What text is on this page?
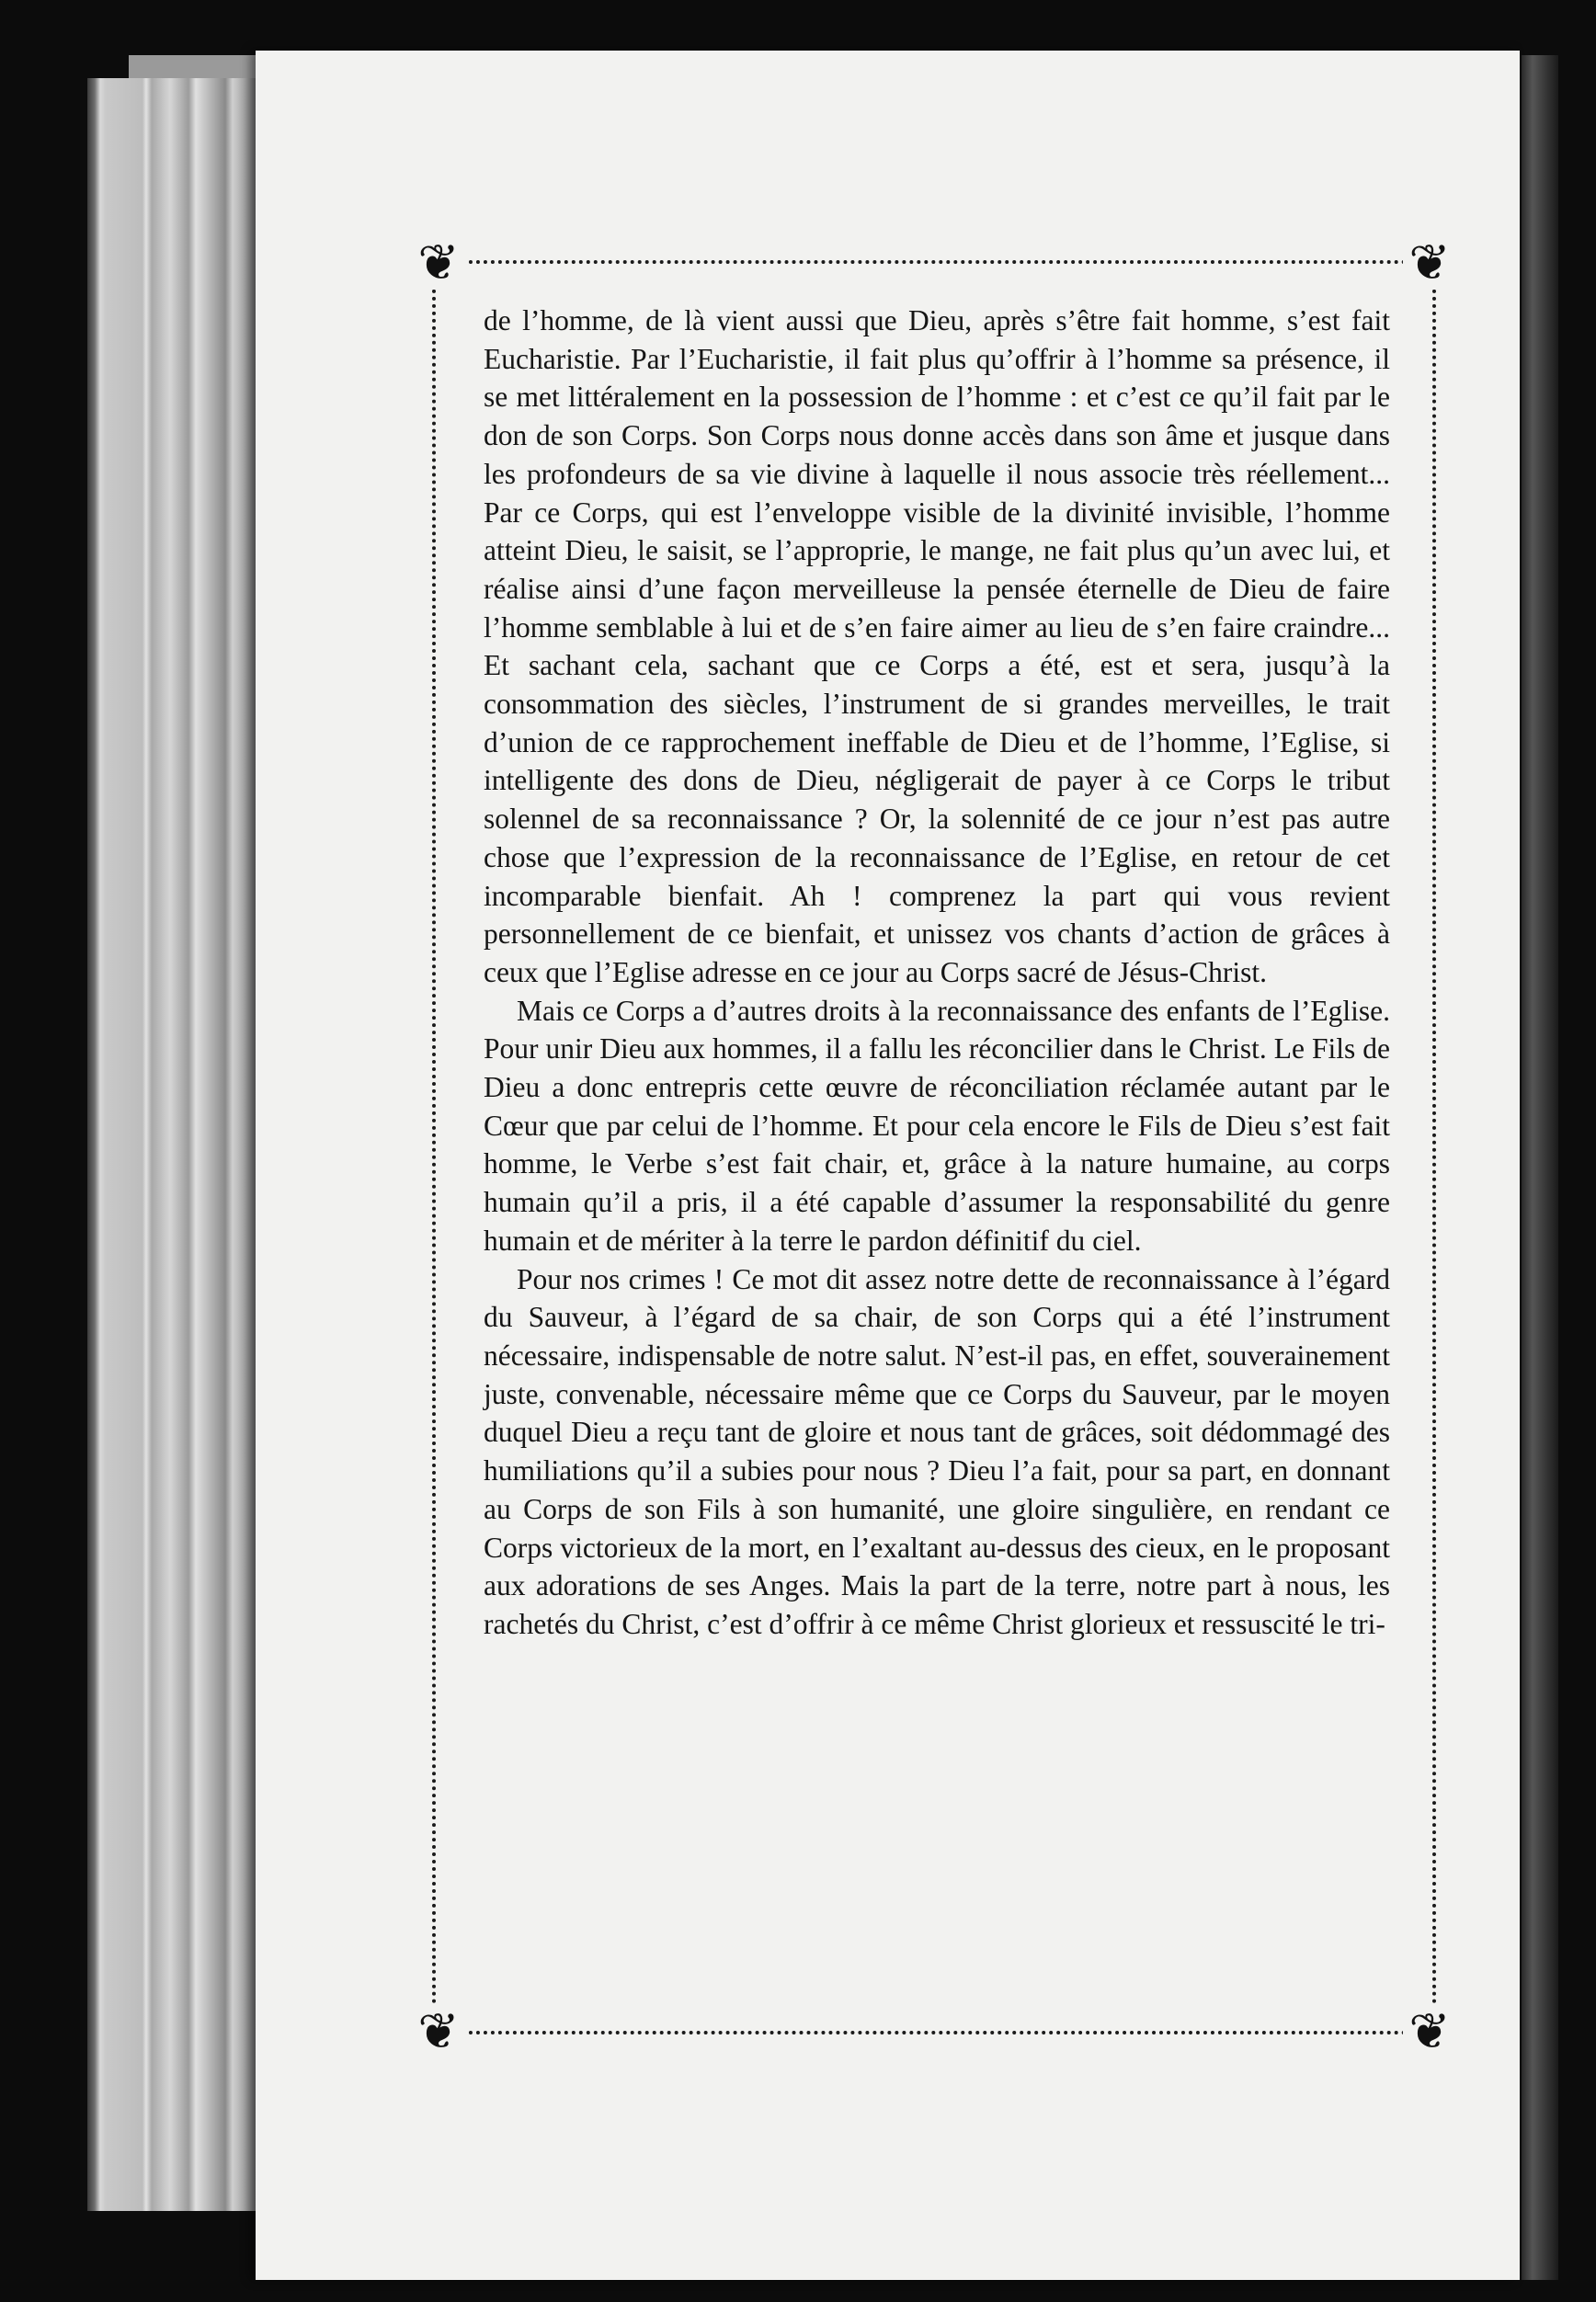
❦	❦
❦	❦

de l’homme, de là vient aussi que Dieu, après s’être fait homme, s’est fait Eucharistie. Par l’Eucharistie, il fait plus qu’offrir à l’homme sa présence, il se met littéralement en la possession de l’homme : et c’est ce qu’il fait par le don de son Corps. Son Corps nous donne accès dans son âme et jusque dans les profondeurs de sa vie divine à laquelle il nous associe très réellement... Par ce Corps, qui est l’enveloppe visible de la divinité invisible, l’homme atteint Dieu, le saisit, se l’approprie, le mange, ne fait plus qu’un avec lui, et réalise ainsi d’une façon merveilleuse la pensée éternelle de Dieu de faire l’homme semblable à lui et de s’en faire aimer au lieu de s’en faire craindre... Et sachant cela, sachant que ce Corps a été, est et sera, jusqu’à la consommation des siècles, l’instrument de si grandes merveilles, le trait d’union de ce rapprochement ineffable de Dieu et de l’homme, l’Eglise, si intelligente des dons de Dieu, négligerait de payer à ce Corps le tribut solennel de sa reconnaissance ? Or, la solennité de ce jour n’est pas autre chose que l’expression de la reconnaissance de l’Eglise, en retour de cet incomparable bienfait. Ah ! comprenez la part qui vous revient personnellement de ce bienfait, et unissez vos chants d’action de grâces à ceux que l’Eglise adresse en ce jour au Corps sacré de Jésus-Christ.

Mais ce Corps a d’autres droits à la reconnaissance des enfants de l’Eglise. Pour unir Dieu aux hommes, il a fallu les réconcilier dans le Christ. Le Fils de Dieu a donc entrepris cette œuvre de réconciliation réclamée autant par le Cœur que par celui de l’homme. Et pour cela encore le Fils de Dieu s’est fait homme, le Verbe s’est fait chair, et, grâce à la nature humaine, au corps humain qu’il a pris, il a été capable d’assumer la responsabilité du genre humain et de mériter à la terre le pardon définitif du ciel.

Pour nos crimes ! Ce mot dit assez notre dette de reconnaissance à l’égard du Sauveur, à l’égard de sa chair, de son Corps qui a été l’instrument nécessaire, indispensable de notre salut. N’est-il pas, en effet, souverainement juste, convenable, nécessaire même que ce Corps du Sauveur, par le moyen duquel Dieu a reçu tant de gloire et nous tant de grâces, soit dédommagé des humiliations qu’il a subies pour nous ? Dieu l’a fait, pour sa part, en donnant au Corps de son Fils à son humanité, une gloire singulière, en rendant ce Corps victorieux de la mort, en l’exaltant au-dessus des cieux, en le proposant aux adorations de ses Anges. Mais la part de la terre, notre part à nous, les rachetés du Christ, c’est d’offrir à ce même Christ glorieux et ressuscité le tri-
